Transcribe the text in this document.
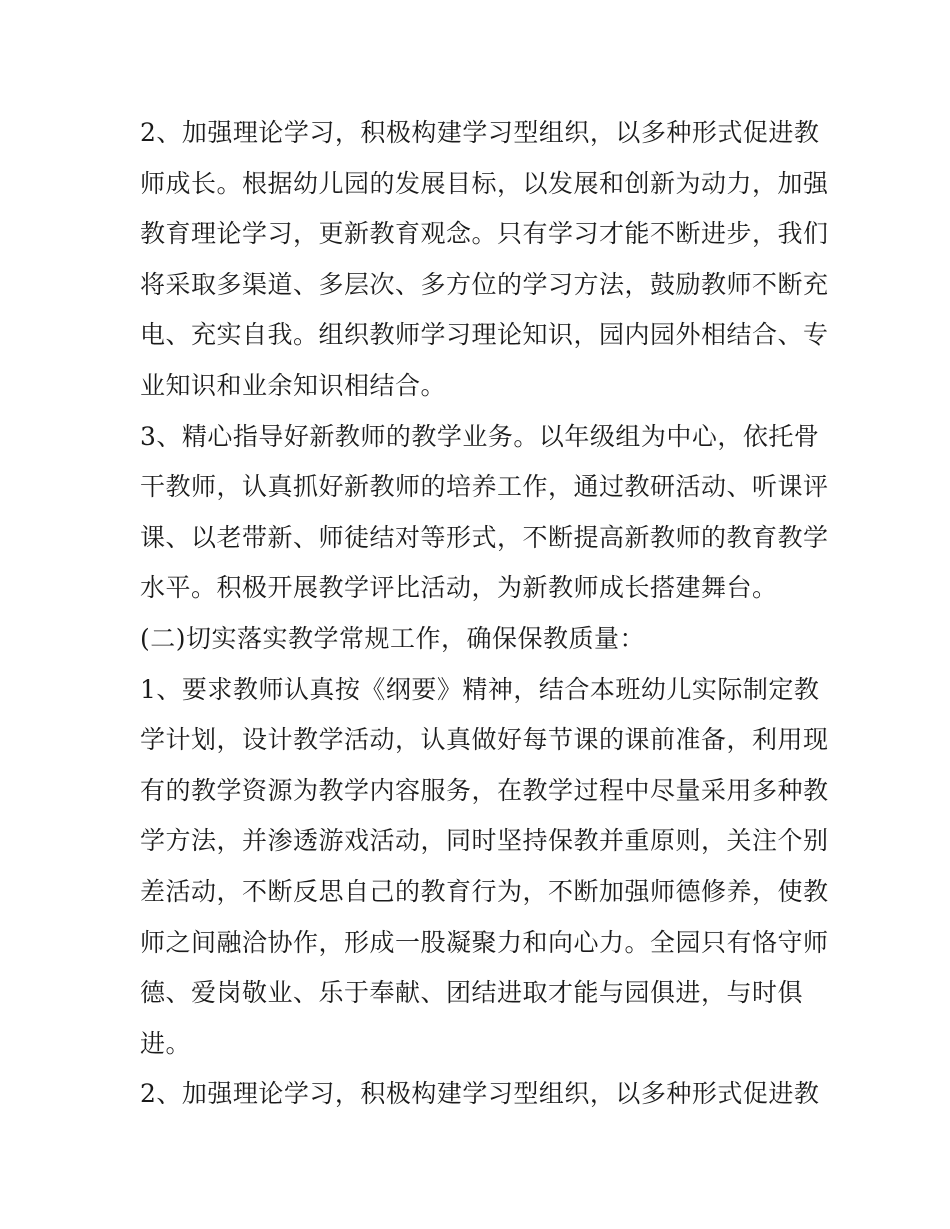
2、加强理论学习，积极构建学习型组织，以多种形式促进教
师成长。根据幼儿园的发展目标，以发展和创新为动力，加强
教育理论学习，更新教育观念。只有学习才能不断进步，我们
将采取多渠道、多层次、多方位的学习方法，鼓励教师不断充
电、充实自我。组织教师学习理论知识，园内园外相结合、专
业知识和业余知识相结合。
3、精心指导好新教师的教学业务。以年级组为中心，依托骨
干教师，认真抓好新教师的培养工作，通过教研活动、听课评
课、以老带新、师徒结对等形式，不断提高新教师的教育教学
水平。积极开展教学评比活动，为新教师成长搭建舞台。
(二)切实落实教学常规工作，确保保教质量：
1、要求教师认真按《纲要》精神，结合本班幼儿实际制定教
学计划，设计教学活动，认真做好每节课的课前准备，利用现
有的教学资源为教学内容服务，在教学过程中尽量采用多种教
学方法，并渗透游戏活动，同时坚持保教并重原则，关注个别
差活动，不断反思自己的教育行为，不断加强师德修养，使教
师之间融洽协作，形成一股凝聚力和向心力。全园只有恪守师
德、爱岗敬业、乐于奉献、团结进取才能与园俱进，与时俱
进。
2、加强理论学习，积极构建学习型组织，以多种形式促进教
